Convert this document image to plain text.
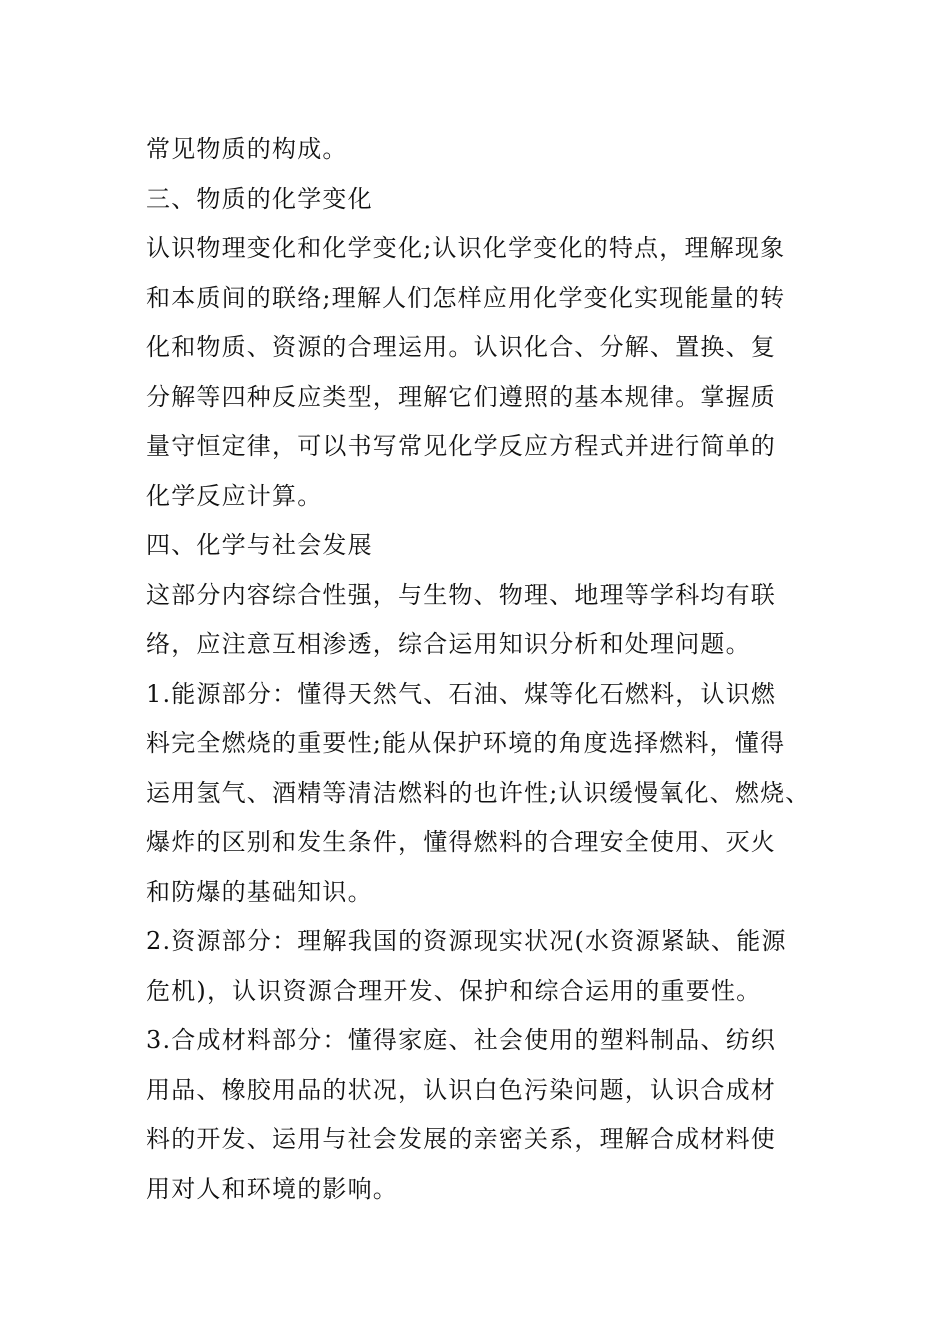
常见物质的构成。
三、物质的化学变化
认识物理变化和化学变化;认识化学变化的特点，理解现象
和本质间的联络;理解人们怎样应用化学变化实现能量的转
化和物质、资源的合理运用。认识化合、分解、置换、复
分解等四种反应类型，理解它们遵照的基本规律。掌握质
量守恒定律，可以书写常见化学反应方程式并进行简单的
化学反应计算。
四、化学与社会发展
这部分内容综合性强，与生物、物理、地理等学科均有联
络，应注意互相渗透，综合运用知识分析和处理问题。
1.能源部分：懂得天然气、石油、煤等化石燃料，认识燃
料完全燃烧的重要性;能从保护环境的角度选择燃料，懂得
运用氢气、酒精等清洁燃料的也许性;认识缓慢氧化、燃烧、
爆炸的区别和发生条件，懂得燃料的合理安全使用、灭火
和防爆的基础知识。
2.资源部分：理解我国的资源现实状况(水资源紧缺、能源
危机)，认识资源合理开发、保护和综合运用的重要性。
3.合成材料部分：懂得家庭、社会使用的塑料制品、纺织
用品、橡胶用品的状况，认识白色污染问题，认识合成材
料的开发、运用与社会发展的亲密关系，理解合成材料使
用对人和环境的影响。
